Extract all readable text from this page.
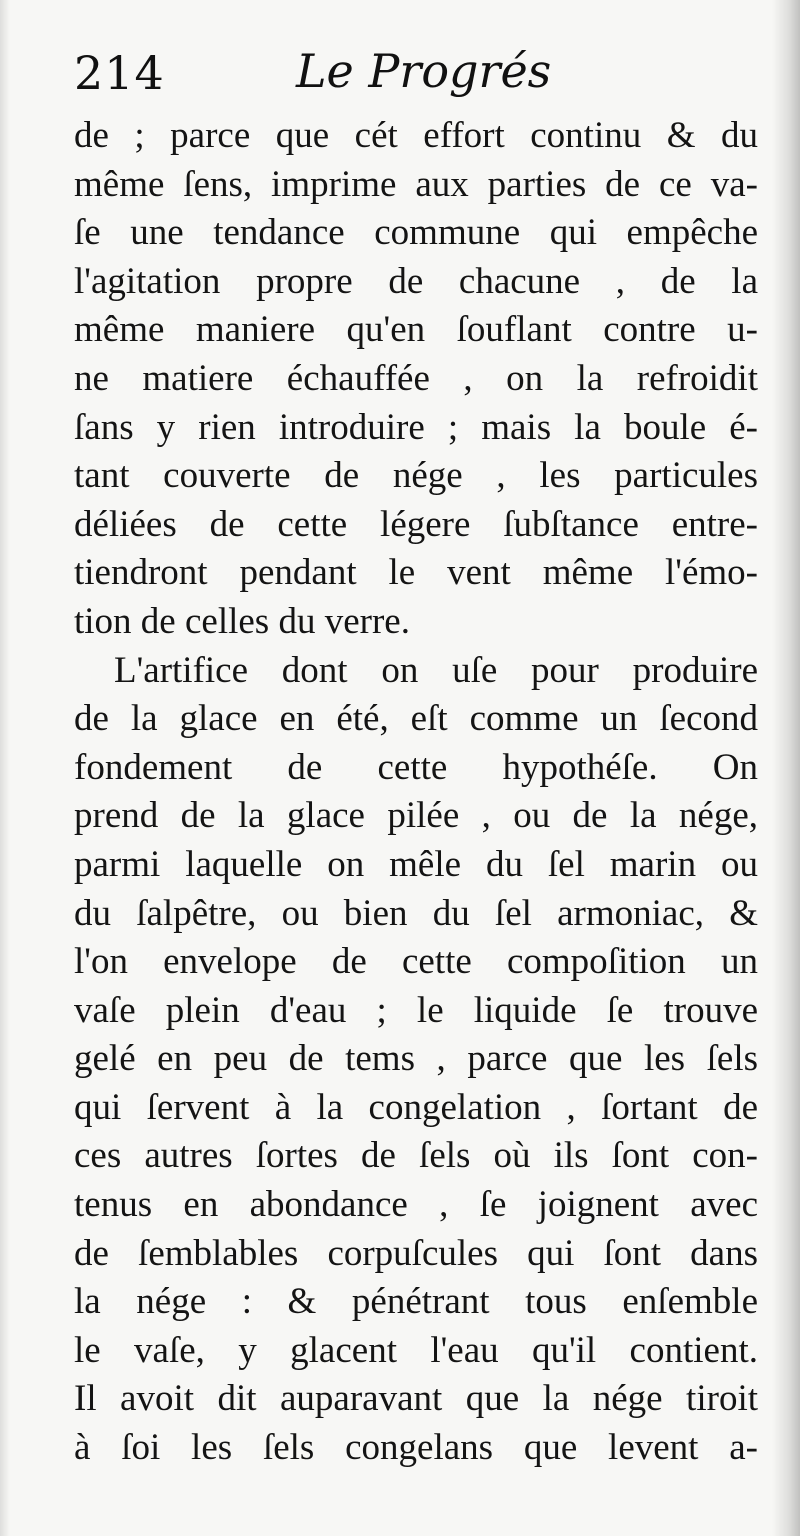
214	Le Progrés
de ; parce que cét effort continu & du
même ſens, imprime aux parties de ce va-
ſe une tendance commune qui empêche
l'agitation propre de chacune , de la
même maniere qu'en ſouflant contre u-
ne matiere échauffée , on la refroidit
ſans y rien introduire ; mais la boule é-
tant couverte de nége , les particules
déliées de cette légere ſubſtance entre-
tiendront pendant le vent même l'émo-
tion de celles du verre.
L'artifice dont on uſe pour produire
de la glace en été, eſt comme un ſecond
fondement de cette hypothéſe. On
prend de la glace pilée , ou de la nége,
parmi laquelle on mêle du ſel marin ou
du ſalpêtre, ou bien du ſel armoniac, &
l'on envelope de cette compoſition un
vaſe plein d'eau ; le liquide ſe trouve
gelé en peu de tems , parce que les ſels
qui ſervent à la congelation , ſortant de
ces autres ſortes de ſels où ils ſont con-
tenus en abondance , ſe joignent avec
de ſemblables corpuſcules qui ſont dans
la nége : & pénétrant tous enſemble
le vaſe, y glacent l'eau qu'il contient.
Il avoit dit auparavant que la nége tiroit
à ſoi les ſels congelans que levent a-
